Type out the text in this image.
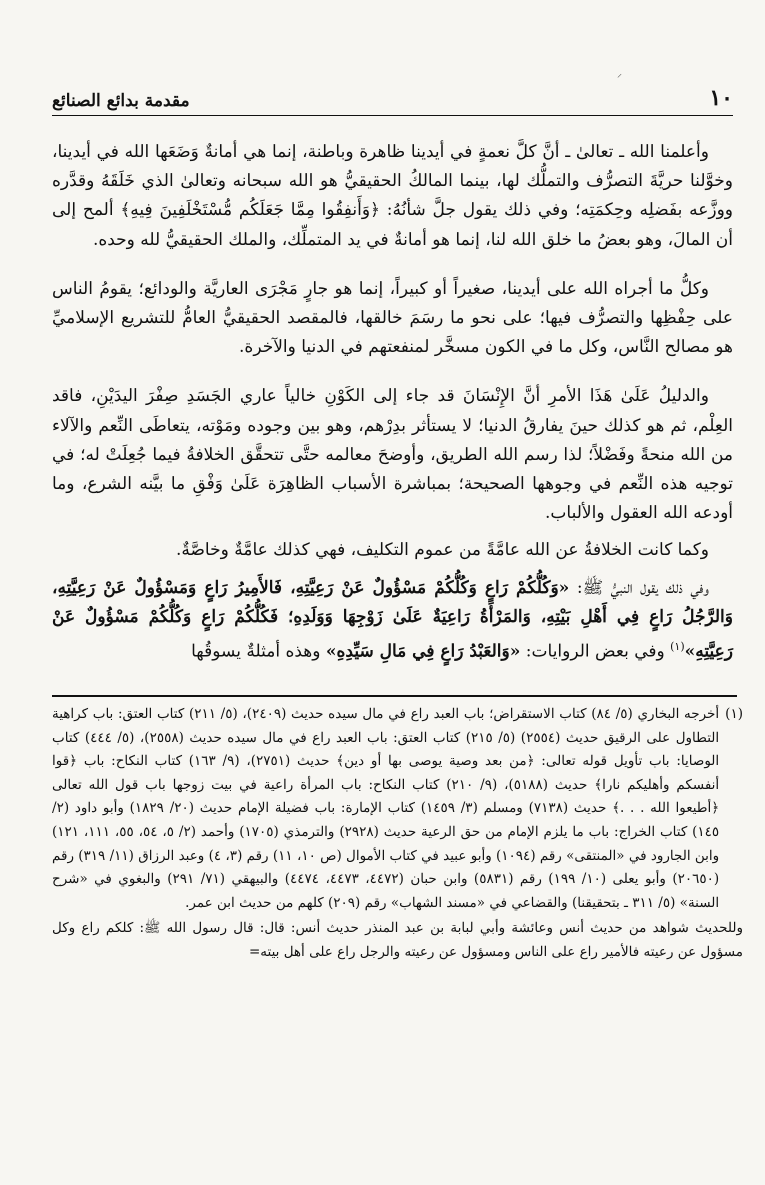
⸌
١٠
مقدمة بدائع الصنائع

وأعلمنا الله ـ تعالىٰ ـ أنَّ كلَّ نعمةٍ في أيدينا ظاهرة وباطنة، إنما هي أمانةٌ وَضَعَها الله في أيدينا، وخوَّلنا حريَّةَ التصرُّف والتملُّك لها، بينما المالكُ الحقيقيُّ هو الله سبحانه وتعالىٰ الذي خَلَقَهُ وقدَّره ووزَّعه بفَضلِه وحِكمَتِه؛ وفي ذلك يقول جلَّ شأنُهُ: ﴿وَأَنفِقُوا مِمَّا جَعَلَكُم مُّسْتَخْلَفِينَ فِيهِ﴾ ألمح إلى أن المالَ، وهو بعضُ ما خلق الله لنا، إنما هو أمانةٌ في يد المتملِّك، والملك الحقيقيُّ لله وحده.

وكلُّ ما أجراه الله على أيدينا، صغيراً أو كبيراً، إنما هو جارٍ مَجْرَى العاريَّة والودائع؛ يقومُ الناس على حِفْظِها والتصرُّف فيها؛ على نحو ما رسَمَ خالقها، فالمقصد الحقيقيُّ العامُّ للتشريع الإسلاميِّ هو مصالح النَّاس، وكل ما في الكون مسخَّر لمنفعتهم في الدنيا والآخرة.

والدليلُ عَلَىٰ هَذَا الأمرِ أنَّ الإِنْسَانَ قد جاء إلى الكَوْنِ خالياً عاري الجَسَدِ صِفْرَ اليدَيْنِ، فاقد العِلْم، ثم هو كذلك حينَ يفارقُ الدنيا؛ لا يستأثر بدِرْهم، وهو بين وجوده ومَوْته، يتعاطَى النِّعم والآلاء من الله منحةً وفَضْلاً؛ لذا رسم الله الطريق، وأوضحَ معالمه حتَّى تتحقَّق الخلافةُ فيما جُعِلَتْ له؛ في توجيه هذه النِّعم في وجوهها الصحيحة؛ بمباشرة الأسباب الظاهِرَة عَلَىٰ وَفْقِ ما بيَّنه الشرع، وما أودعه الله العقول والألباب.

وكما كانت الخلافةُ عن الله عامَّةً من عموم التكليف، فهي كذلك عامَّةٌ وخاصَّةٌ.

وفي ذلك يقول النبيُّ ﷺ: «وَكُلُّكُمْ رَاعٍ وَكُلُّكُمْ مَسْؤُولٌ عَنْ رَعِيَّتِهِ، فَالأَمِيرُ رَاعٍ وَمَسْؤُولٌ عَنْ رَعِيَّتِهِ، وَالرَّجُلُ رَاعٍ فِي أَهْلِ بَيْتِهِ، وَالمَرْأَةُ رَاعِيَةٌ عَلَىٰ زَوْجِهَا وَوَلَدِهِ؛ فَكُلُّكُمْ رَاعٍ وَكُلُّكُمْ مَسْؤُولٌ عَنْ رَعِيَّتِهِ»$^{(١)}$ وفي بعض الروايات: «وَالعَبْدُ رَاعٍ فِي مَالِ سَيِّدِهِ» وهذه أمثلةٌ يسوقُها

(١)
أخرجه البخاري (٥/ ٨٤) كتاب الاستقراض؛ باب العبد راع في مال سيده حديث (٢٤٠٩)، (٥/ ٢١١) كتاب العتق: باب كراهية التطاول على الرقيق حديث (٢٥٥٤) (٥/ ٢١٥) كتاب العتق: باب العبد راع في مال سيده حديث (٢٥٥٨)، (٥/ ٤٤٤) كتاب الوصايا: باب تأويل قوله تعالى: ﴿من بعد وصية يوصى بها أو دين﴾ حديث (٢٧٥١)، (٩/ ١٦٣) كتاب النكاح: باب ﴿قوا أنفسكم وأهليكم نارا﴾ حديث (٥١٨٨)، (٩/ ٢١٠) كتاب النكاح: باب المرأة راعية في بيت زوجها باب قول الله تعالى ﴿أطيعوا الله . . .﴾ حديث (٧١٣٨) ومسلم (٣/ ١٤٥٩) كتاب الإمارة: باب فضيلة الإمام حديث (٢٠/ ١٨٢٩) وأبو داود (٢/ ١٤٥) كتاب الخراج: باب ما يلزم الإمام من حق الرعية حديث (٢٩٢٨) والترمذي (١٧٠٥) وأحمد (٢/ ٥، ٥٤، ٥٥، ١١١، ١٢١) وابن الجارود في «المنتقى» رقم (١٠٩٤) وأبو عبيد في كتاب الأموال (ص ١٠، ١١) رقم (٣، ٤) وعبد الرزاق (١١/ ٣١٩) رقم (٢٠٦٥٠) وأبو يعلى (١٠/ ١٩٩) رقم (٥٨٣١) وابن حبان (٤٤٧٢، ٤٤٧٣، ٤٤٧٤) والبيهقي (٧١/ ٢٩١) والبغوي في «شرح السنة» (٥/ ٣١١ ـ بتحقيقنا) والقضاعي في «مسند الشهاب» رقم (٢٠٩) كلهم من حديث ابن عمر.

وللحديث شواهد من حديث أنس وعائشة وأبي لبابة بن عبد المنذر حديث أنس: قال: قال رسول الله ﷺ: كلكم راع وكل مسؤول عن رعيته فالأمير راع على الناس ومسؤول عن رعيته والرجل راع على أهل بيته=
